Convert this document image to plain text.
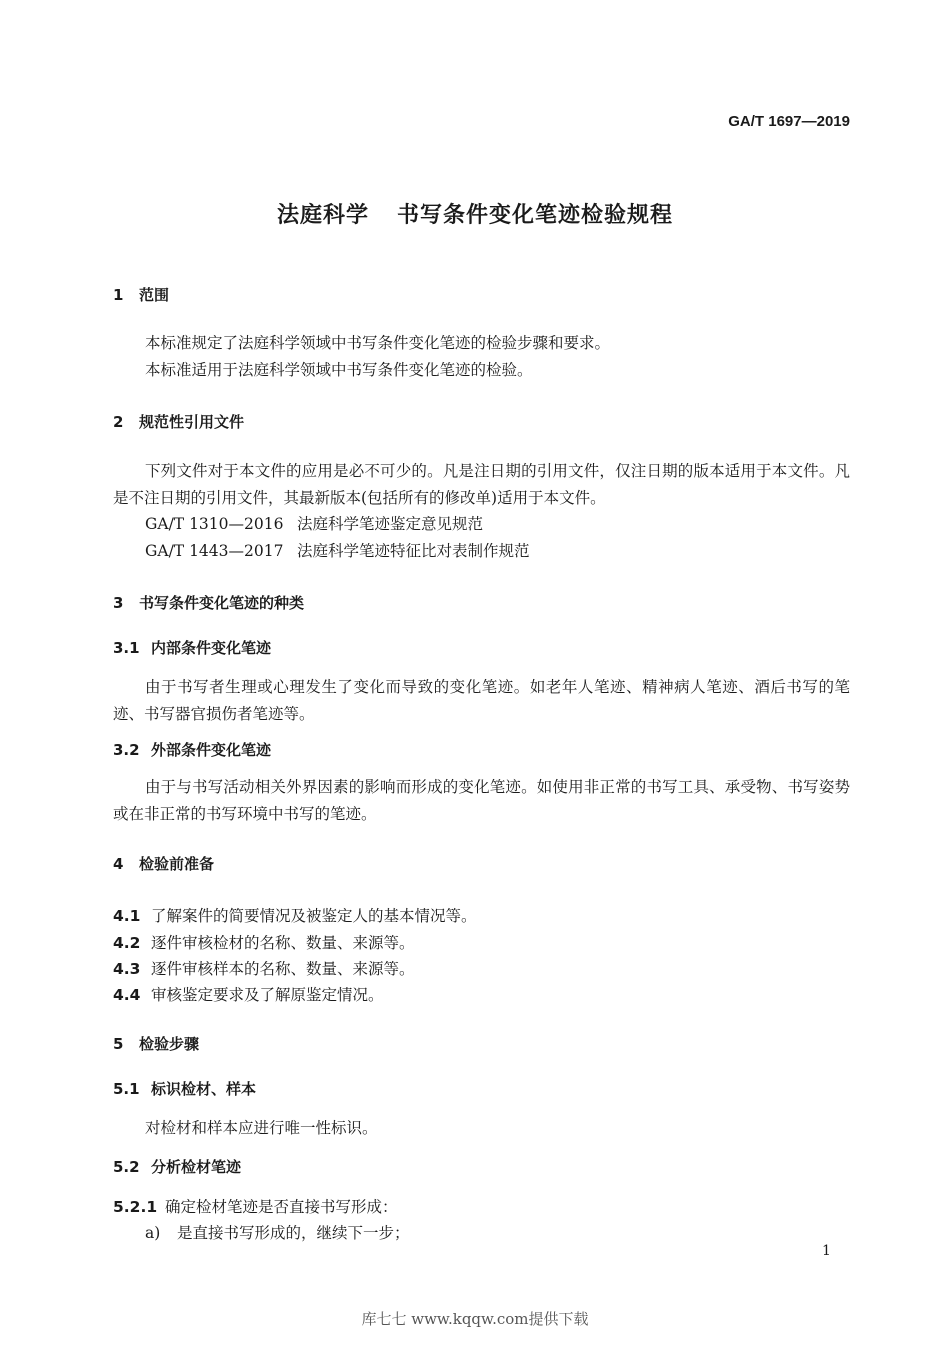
GA/T 1697—2019
法庭科学 书写条件变化笔迹检验规程
1 范围
本标准规定了法庭科学领域中书写条件变化笔迹的检验步骤和要求。
本标准适用于法庭科学领域中书写条件变化笔迹的检验。
2 规范性引用文件
下列文件对于本文件的应用是必不可少的。凡是注日期的引用文件，仅注日期的版本适用于本文件。凡是不注日期的引用文件，其最新版本(包括所有的修改单)适用于本文件。
GA/T 1310—2016 法庭科学笔迹鉴定意见规范
GA/T 1443—2017 法庭科学笔迹特征比对表制作规范
3 书写条件变化笔迹的种类
3.1 内部条件变化笔迹
由于书写者生理或心理发生了变化而导致的变化笔迹。如老年人笔迹、精神病人笔迹、酒后书写的笔迹、书写器官损伤者笔迹等。
3.2 外部条件变化笔迹
由于与书写活动相关外界因素的影响而形成的变化笔迹。如使用非正常的书写工具、承受物、书写姿势或在非正常的书写环境中书写的笔迹。
4 检验前准备
4.1 了解案件的简要情况及被鉴定人的基本情况等。
4.2 逐件审核检材的名称、数量、来源等。
4.3 逐件审核样本的名称、数量、来源等。
4.4 审核鉴定要求及了解原鉴定情况。
5 检验步骤
5.1 标识检材、样本
对检材和样本应进行唯一性标识。
5.2 分析检材笔迹
5.2.1 确定检材笔迹是否直接书写形成：
a) 是直接书写形成的，继续下一步；
1
库七七 www.kqqw.com提供下载
